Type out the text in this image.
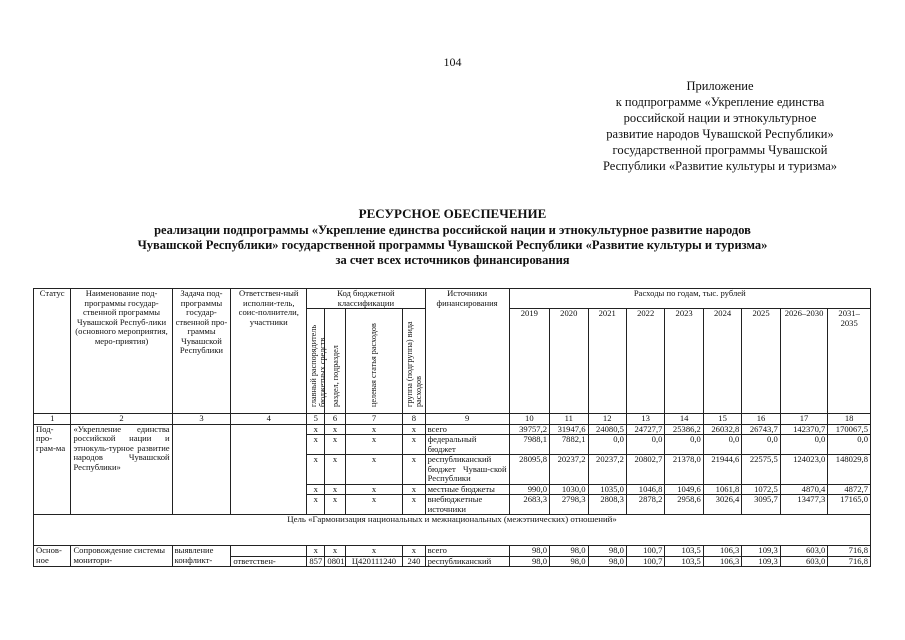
104
Приложение
к подпрограмме «Укрепление единства
российской нации и этнокультурное
развитие народов Чувашской Республики»
государственной программы Чувашской
Республики «Развитие культуры и туризма»
РЕСУРСНОЕ ОБЕСПЕЧЕНИЕ
реализации подпрограммы «Укрепление единства российской нации и этнокультурное развитие народов
Чувашской Республики» государственной программы Чувашской Республики «Развитие культуры и туризма»
за счет всех источников финансирования
Статус	Наименование под-программы государ-ственной программы Чувашской Респуб-лики (основного мероприятия, меро-приятия)	Задача под-программы государ-ственной про-граммы Чувашской Республики	Ответствен-ный исполни-тель, соис-полнители, участники	Код бюджетной классификации				Источники финансирования	Расходы по годам, тыс. рублей								

				главный распорядитель бюджетных средств	раздел, подраздел	целевая статья расходов	группа (подгруппа) вида расходов		2019	2020	2021	2022	2023	2024	2025	2026–2030	2031–2035
1	2	3	4	5	6	7	8	9	10	11	12	13	14	15	16	17	18
Под-про-грам-ма	«Укрепление единства российской нации и этнокуль-турное развитие народов Чувашской Республики»			x	x	x	x	всего	39757,2	31947,6	24080,5	24727,7	25386,2	26032,8	26743,7	142370,7	170067,5
				x	x	x	x	федеральный бюджет	7988,1	7882,1	0,0	0,0	0,0	0,0	0,0	0,0	0,0
				x	x	x	x	республиканский бюджет Чуваш-ской Республики	28095,8	20237,2	20237,2	20802,7	21378,0	21944,6	22575,5	124023,0	148029,8
				x	x	x	x	местные бюджеты	990,0	1030,0	1035,0	1046,8	1049,6	1061,8	1072,5	4870,4	4872,7
				x	x	x	x	внебюджетные источники	2683,3	2798,3	2808,3	2878,2	2958,6	3026,4	3095,7	13477,3	17165,0
Цель «Гармонизация национальных и межнациональных (межэтнических) отношений»																	
Основ-ное	Сопровождение системы монитори-	выявление конфликт-		x	x	x	x	всего	98,0	98,0	98,0	100,7	103,5	106,3	109,3	603,0	716,8
			ответствен-	857	0801	Ц420111240	240	республиканский	98,0	98,0	98,0	100,7	103,5	106,3	109,3	603,0	716,8
